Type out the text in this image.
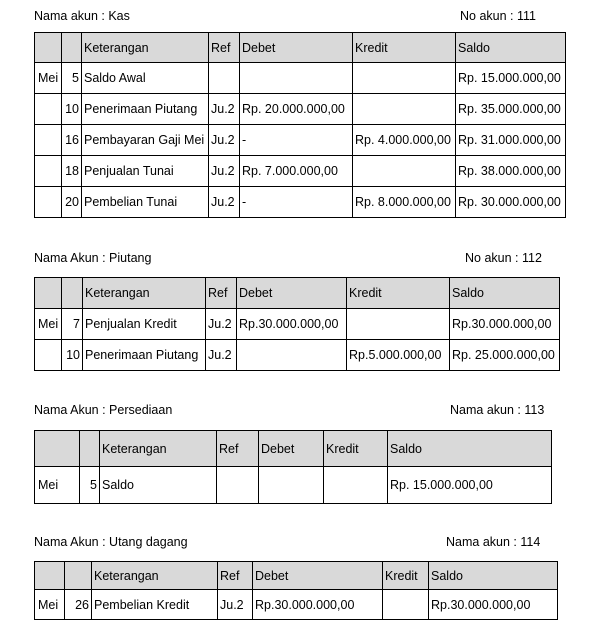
Nama akun : Kas	No akun : 111
		Keterangan	Ref	Debet	Kredit	Saldo
Mei	5	Saldo Awal				Rp. 15.000.000,00
	10	Penerimaan Piutang	Ju.2	Rp. 20.000.000,00		Rp. 35.000.000,00
	16	Pembayaran Gaji Mei	Ju.2	-	Rp. 4.000.000,00	Rp. 31.000.000,00
	18	Penjualan Tunai	Ju.2	Rp. 7.000.000,00		Rp. 38.000.000,00
	20	Pembelian Tunai	Ju.2	-	Rp. 8.000.000,00	Rp. 30.000.000,00
Nama Akun : Piutang	No akun : 112
		Keterangan	Ref	Debet	Kredit	Saldo
Mei	7	Penjualan Kredit	Ju.2	Rp.30.000.000,00		Rp.30.000.000,00
	10	Penerimaan Piutang	Ju.2		Rp.5.000.000,00	Rp. 25.000.000,00
Nama Akun : Persediaan	Nama akun : 113
		Keterangan	Ref	Debet	Kredit	Saldo
Mei	5	Saldo				Rp. 15.000.000,00
Nama Akun : Utang dagang	Nama akun : 114
		Keterangan	Ref	Debet	Kredit	Saldo
Mei	26	Pembelian Kredit	Ju.2	Rp.30.000.000,00		Rp.30.000.000,00
